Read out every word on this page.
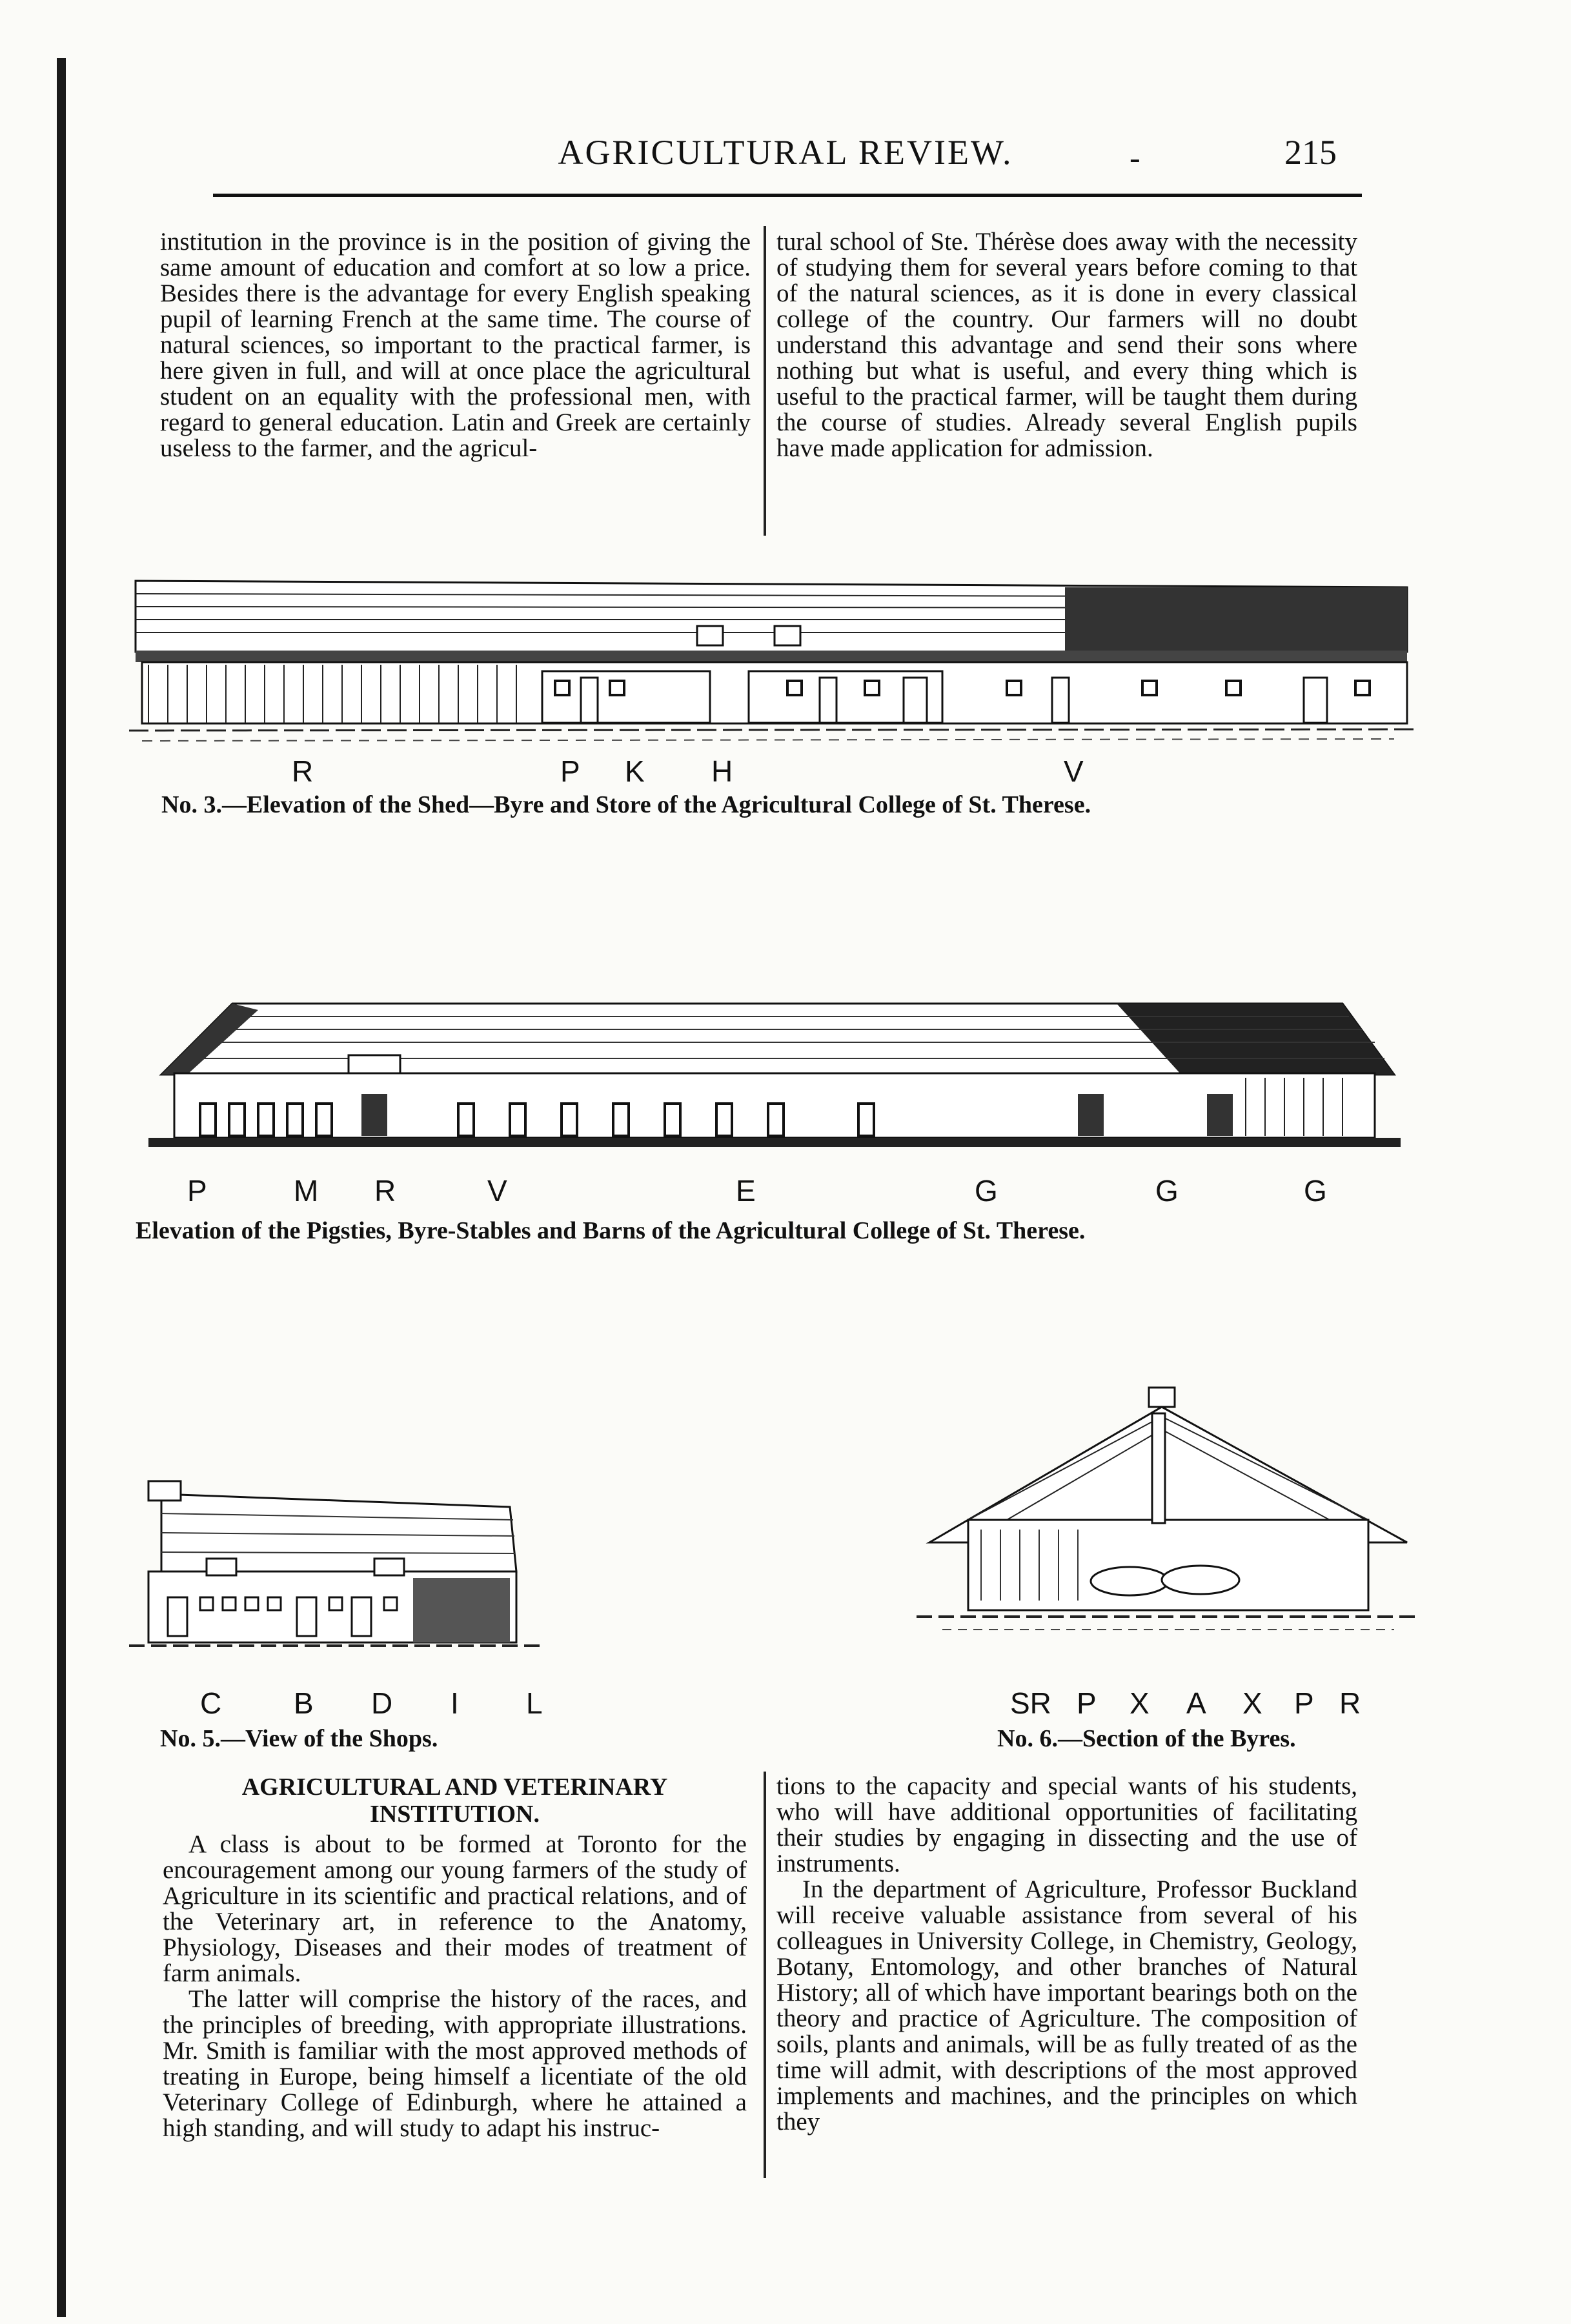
AGRICULTURAL REVIEW.	-	215

institution in the province is in the position of giving the same amount of education and comfort at so low a price. Besides there is the advantage for every English speaking pupil of learning French at the same time. The course of natural sciences, so important to the practical farmer, is here given in full, and will at once place the agricultural student on an equality with the professional men, with regard to general education. Latin and Greek are certainly useless to the farmer, and the agricul-

tural school of Ste. Thérèse does away with the necessity of studying them for several years before coming to that of the natural sciences, as it is done in every classical college of the country. Our farmers will no doubt understand this advantage and send their sons where nothing but what is useful, and every thing which is useful to the practical farmer, will be taught them during the course of studies. Already several English pupils have made application for admission.

R	P K H	V
No. 3.—Elevation of the Shed—Byre and Store of the Agricultural College of St. Therese.
P	M R	V	E	G	G	G
Elevation of the Pigsties, Byre-Stables and Barns of the Agricultural College of St. Therese.
C B D I L
No. 5.—View of the Shops.
SR P X A X P R
No. 6.—Section of the Byres.
AGRICULTURAL AND VETERINARY INSTITUTION.

A class is about to be formed at Toronto for the encouragement among our young farmers of the study of Agriculture in its scientific and practical relations, and of the Veterinary art, in reference to the Anatomy, Physiology, Diseases and their modes of treatment of farm animals.

The latter will comprise the history of the races, and the principles of breeding, with appropriate illustrations. Mr. Smith is familiar with the most approved methods of treating in Europe, being himself a licentiate of the old Veterinary College of Edinburgh, where he attained a high standing, and will study to adapt his instruc-

tions to the capacity and special wants of his students, who will have additional opportunities of facilitating their studies by engaging in dissecting and the use of instruments.

In the department of Agriculture, Professor Buckland will receive valuable assistance from several of his colleagues in University College, in Chemistry, Geology, Botany, Entomology, and other branches of Natural History; all of which have important bearings both on the theory and practice of Agriculture. The composition of soils, plants and animals, will be as fully treated of as the time will admit, with descriptions of the most approved implements and machines, and the principles on which they
